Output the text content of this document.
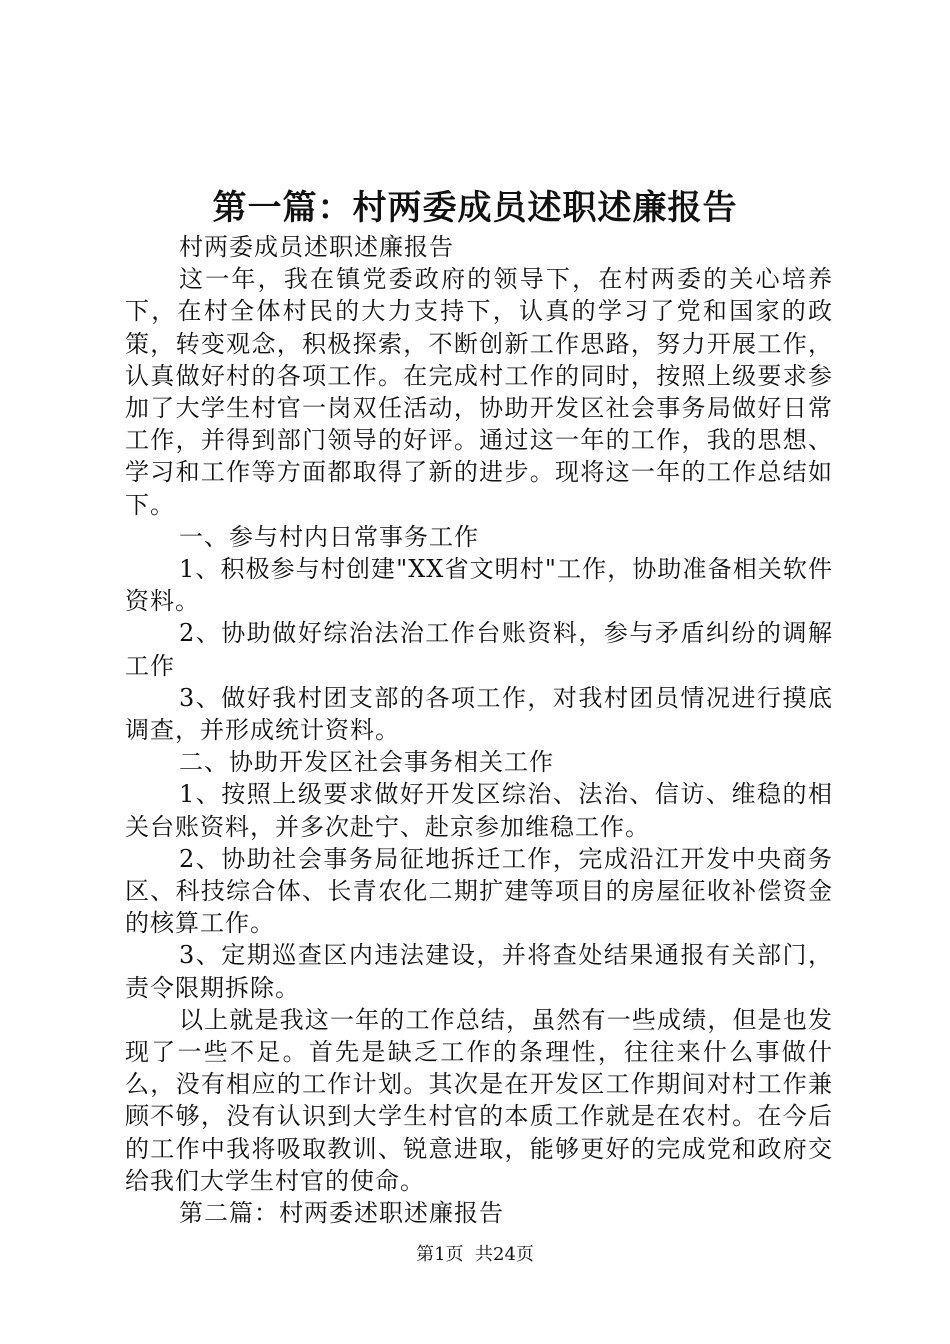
第一篇：村两委成员述职述廉报告

村两委成员述职述廉报告

这一年，我在镇党委政府的领导下，在村两委的关心培养下，在村全体村民的大力支持下，认真的学习了党和国家的政策，转变观念，积极探索，不断创新工作思路，努力开展工作，认真做好村的各项工作。在完成村工作的同时，按照上级要求参加了大学生村官一岗双任活动，协助开发区社会事务局做好日常工作，并得到部门领导的好评。通过这一年的工作，我的思想、学习和工作等方面都取得了新的进步。现将这一年的工作总结如下。

一、参与村内日常事务工作

1、积极参与村创建"XX省文明村"工作，协助准备相关软件资料。

2、协助做好综治法治工作台账资料，参与矛盾纠纷的调解工作

3、做好我村团支部的各项工作，对我村团员情况进行摸底调查，并形成统计资料。

二、协助开发区社会事务相关工作

1、按照上级要求做好开发区综治、法治、信访、维稳的相关台账资料，并多次赴宁、赴京参加维稳工作。

2、协助社会事务局征地拆迁工作，完成沿江开发中央商务区、科技综合体、长青农化二期扩建等项目的房屋征收补偿资金的核算工作。

3、定期巡查区内违法建设，并将查处结果通报有关部门，责令限期拆除。

以上就是我这一年的工作总结，虽然有一些成绩，但是也发现了一些不足。首先是缺乏工作的条理性，往往来什么事做什么，没有相应的工作计划。其次是在开发区工作期间对村工作兼顾不够，没有认识到大学生村官的本质工作就是在农村。在今后的工作中我将吸取教训、锐意进取，能够更好的完成党和政府交给我们大学生村官的使命。

第二篇：村两委述职述廉报告

第1页 共24页
